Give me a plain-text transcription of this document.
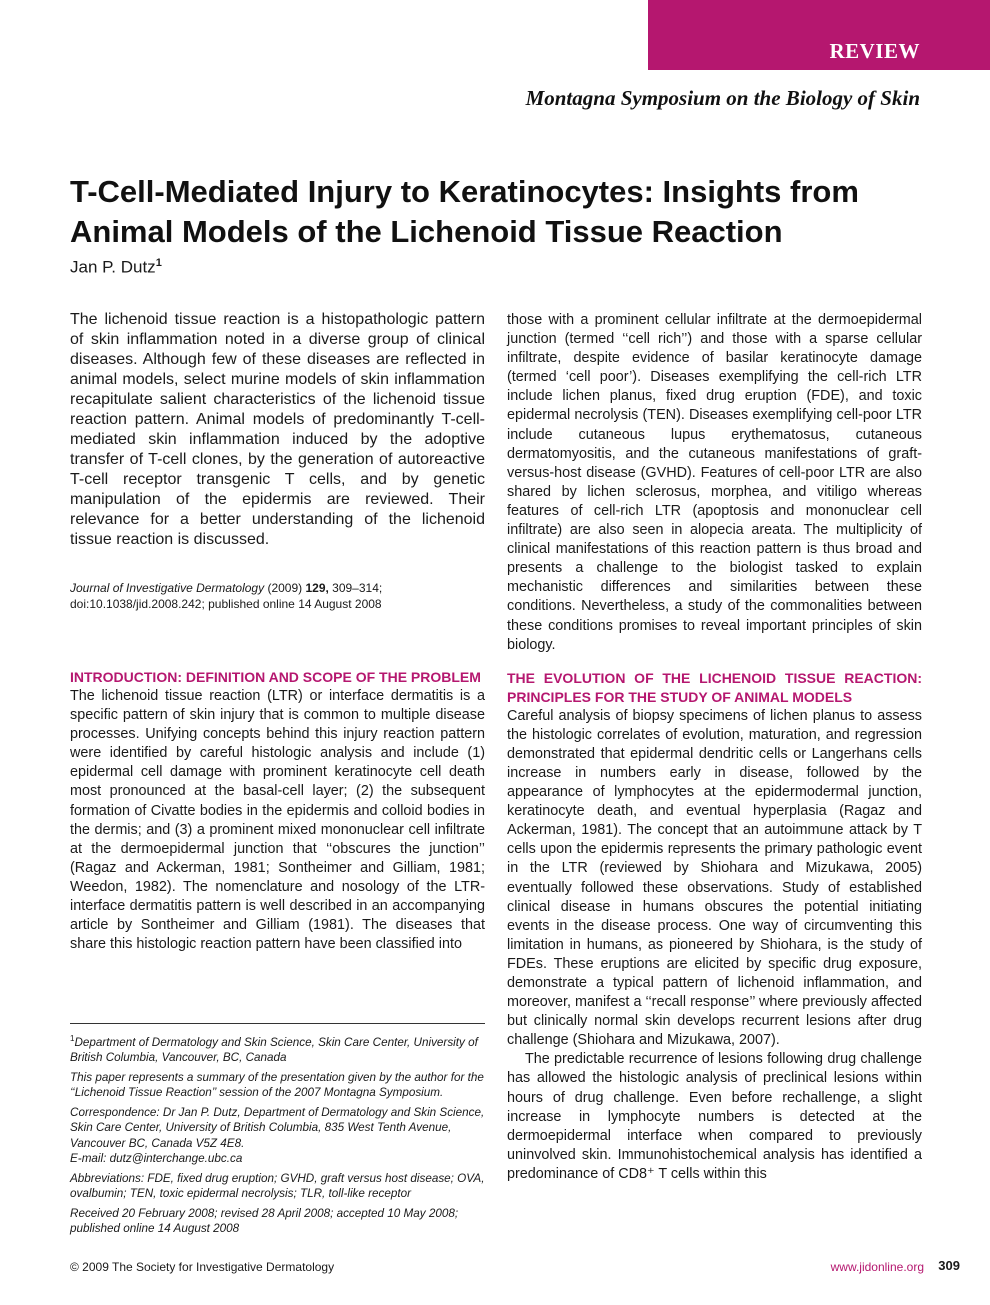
REVIEW
Montagna Symposium on the Biology of Skin
T-Cell-Mediated Injury to Keratinocytes: Insights from Animal Models of the Lichenoid Tissue Reaction
Jan P. Dutz$^1$

The lichenoid tissue reaction is a histopathologic pattern of skin inflammation noted in a diverse group of clinical diseases. Although few of these diseases are reflected in animal models, select murine models of skin inflammation recapitulate salient characteristics of the lichenoid tissue reaction pattern. Animal models of predominantly T-cell-mediated skin inflammation induced by the adoptive transfer of T-cell clones, by the generation of autoreactive T-cell receptor transgenic T cells, and by genetic manipulation of the epidermis are reviewed. Their relevance for a better understanding of the lichenoid tissue reaction is discussed.

Journal of Investigative Dermatology (2009) 129, 309–314;
doi:10.1038/jid.2008.242; published online 14 August 2008
INTRODUCTION: DEFINITION AND SCOPE OF THE PROBLEM

The lichenoid tissue reaction (LTR) or interface dermatitis is a specific pattern of skin injury that is common to multiple disease processes. Unifying concepts behind this injury reaction pattern were identified by careful histologic analysis and include (1) epidermal cell damage with prominent keratinocyte cell death most pronounced at the basal-cell layer; (2) the subsequent formation of Civatte bodies in the epidermis and colloid bodies in the dermis; and (3) a prominent mixed mononuclear cell infiltrate at the dermoepidermal junction that ‘‘obscures the junction’’ (Ragaz and Ackerman, 1981; Sontheimer and Gilliam, 1981; Weedon, 1982). The nomenclature and nosology of the LTR-interface dermatitis pattern is well described in an accompanying article by Sontheimer and Gilliam (1981). The diseases that share this histologic reaction pattern have been classified into

$^1$Department of Dermatology and Skin Science, Skin Care Center, University of British Columbia, Vancouver, BC, Canada

This paper represents a summary of the presentation given by the author for the ‘‘Lichenoid Tissue Reaction’’ session of the 2007 Montagna Symposium.

Correspondence: Dr Jan P. Dutz, Department of Dermatology and Skin Science, Skin Care Center, University of British Columbia, 835 West Tenth Avenue, Vancouver BC, Canada V5Z 4E8.
E-mail: dutz@interchange.ubc.ca

Abbreviations: FDE, fixed drug eruption; GVHD, graft versus host disease; OVA, ovalbumin; TEN, toxic epidermal necrolysis; TLR, toll-like receptor

Received 20 February 2008; revised 28 April 2008; accepted 10 May 2008; published online 14 August 2008

those with a prominent cellular infiltrate at the dermoepidermal junction (termed ‘‘cell rich’’) and those with a sparse cellular infiltrate, despite evidence of basilar keratinocyte damage (termed ‘cell poor’). Diseases exemplifying the cell-rich LTR include lichen planus, fixed drug eruption (FDE), and toxic epidermal necrolysis (TEN). Diseases exemplifying cell-poor LTR include cutaneous lupus erythematosus, cutaneous dermatomyositis, and the cutaneous manifestations of graft-versus-host disease (GVHD). Features of cell-poor LTR are also shared by lichen sclerosus, morphea, and vitiligo whereas features of cell-rich LTR (apoptosis and mononuclear cell infiltrate) are also seen in alopecia areata. The multiplicity of clinical manifestations of this reaction pattern is thus broad and presents a challenge to the biologist tasked to explain mechanistic differences and similarities between these conditions. Nevertheless, a study of the commonalities between these conditions promises to reveal important principles of skin biology.

THE EVOLUTION OF THE LICHENOID TISSUE REACTION: PRINCIPLES FOR THE STUDY OF ANIMAL MODELS

Careful analysis of biopsy specimens of lichen planus to assess the histologic correlates of evolution, maturation, and regression demonstrated that epidermal dendritic cells or Langerhans cells increase in numbers early in disease, followed by the appearance of lymphocytes at the epidermodermal junction, keratinocyte death, and eventual hyperplasia (Ragaz and Ackerman, 1981). The concept that an autoimmune attack by T cells upon the epidermis represents the primary pathologic event in the LTR (reviewed by Shiohara and Mizukawa, 2005) eventually followed these observations. Study of established clinical disease in humans obscures the potential initiating events in the disease process. One way of circumventing this limitation in humans, as pioneered by Shiohara, is the study of FDEs. These eruptions are elicited by specific drug exposure, demonstrate a typical pattern of lichenoid inflammation, and moreover, manifest a ‘‘recall response’’ where previously affected but clinically normal skin develops recurrent lesions after drug challenge (Shiohara and Mizukawa, 2007).

The predictable recurrence of lesions following drug challenge has allowed the histologic analysis of preclinical lesions within hours of drug challenge. Even before rechallenge, a slight increase in lymphocyte numbers is detected at the dermoepidermal interface when compared to previously uninvolved skin. Immunohistochemical analysis has identified a predominance of CD8⁺ T cells within this

© 2009 The Society for Investigative Dermatology	www.jidonline.org 309
